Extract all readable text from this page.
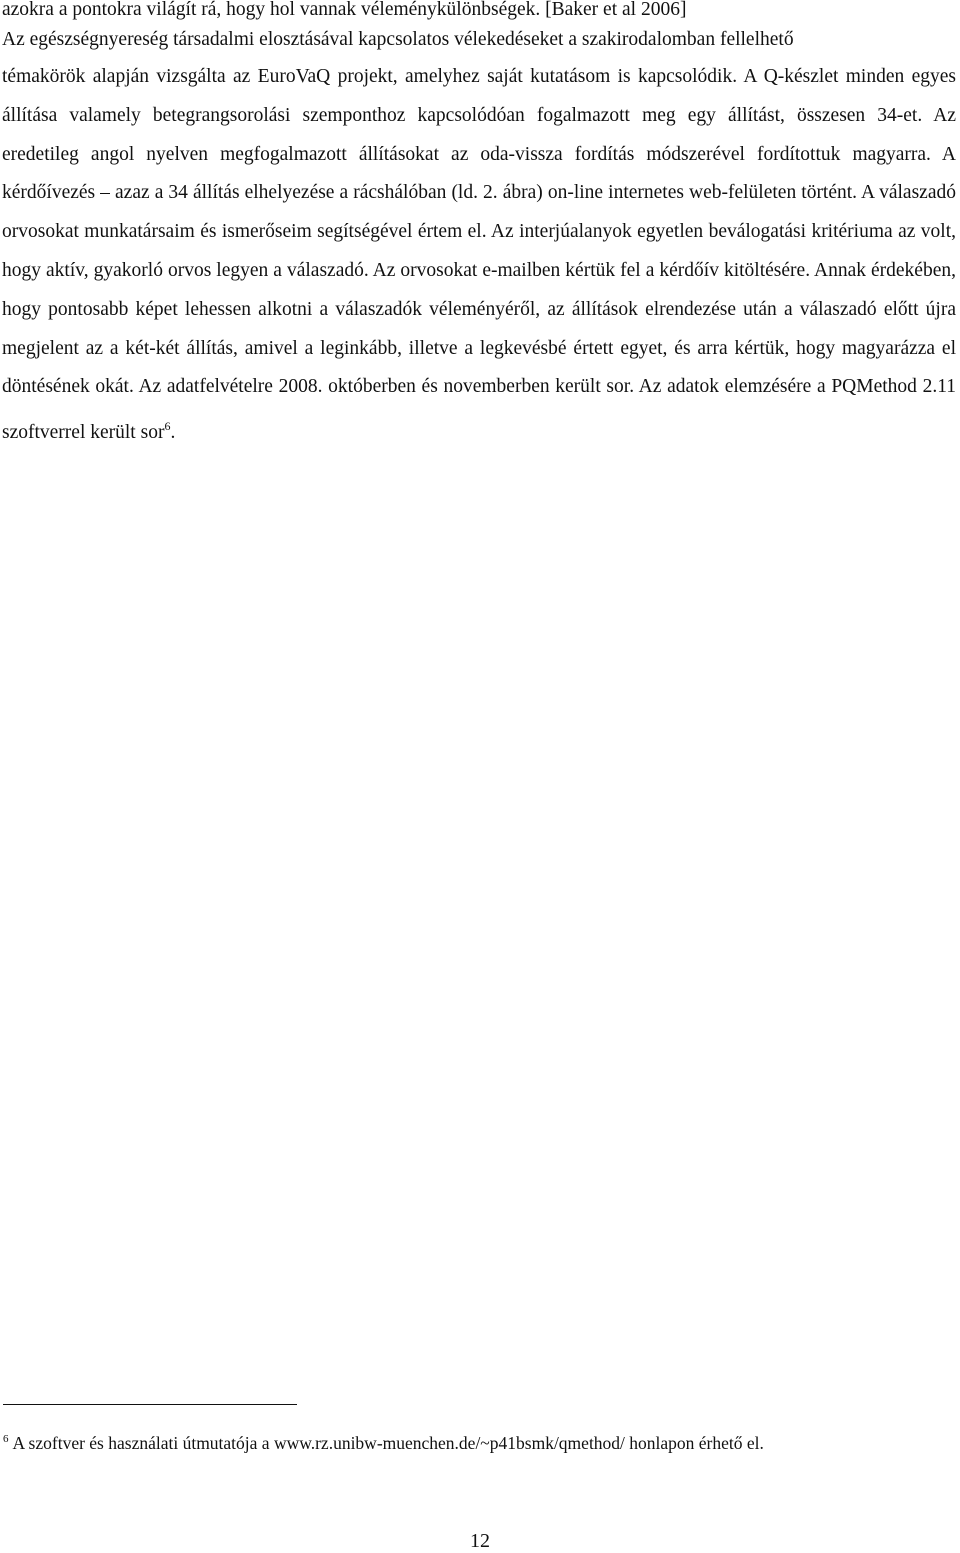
azokra a pontokra világít rá, hogy hol vannak véleménykülönbségek. [Baker et al 2006]
Az egészségnyereség társadalmi elosztásával kapcsolatos vélekedéseket a szakirodalomban fellelhető
témakörök alapján vizsgálta az EuroVaQ projekt, amelyhez saját kutatásom is kapcsolódik. A Q-készlet minden egyes állítása valamely betegrangsorolási szemponthoz kapcsolódóan fogalmazott meg egy állítást, összesen 34-et. Az eredetileg angol nyelven megfogalmazott állításokat az oda-vissza fordítás módszerével fordítottuk magyarra. A kérdőívezés – azaz a 34 állítás elhelyezése a rácshálóban (ld. 2. ábra) on-line internetes web-felületen történt. A válaszadó orvosokat munkatársaim és ismerőseim segítségével értem el. Az interjúalanyok egyetlen beválogatási kritériuma az volt, hogy aktív, gyakorló orvos legyen a válaszadó. Az orvosokat e-mailben kértük fel a kérdőív kitöltésére. Annak érdekében, hogy pontosabb képet lehessen alkotni a válaszadók véleményéről, az állítások elrendezése után a válaszadó előtt újra megjelent az a két-két állítás, amivel a leginkább, illetve a legkevésbé értett egyet, és arra kértük, hogy magyarázza el döntésének okát. Az adatfelvételre 2008. októberben és novemberben került sor. Az adatok elemzésére a PQMethod 2.11 szoftverrel került sor$^6$.
$^6$ A szoftver és használati útmutatója a www.rz.unibw-muenchen.de/~p41bsmk/qmethod/ honlapon érhető el.
12
